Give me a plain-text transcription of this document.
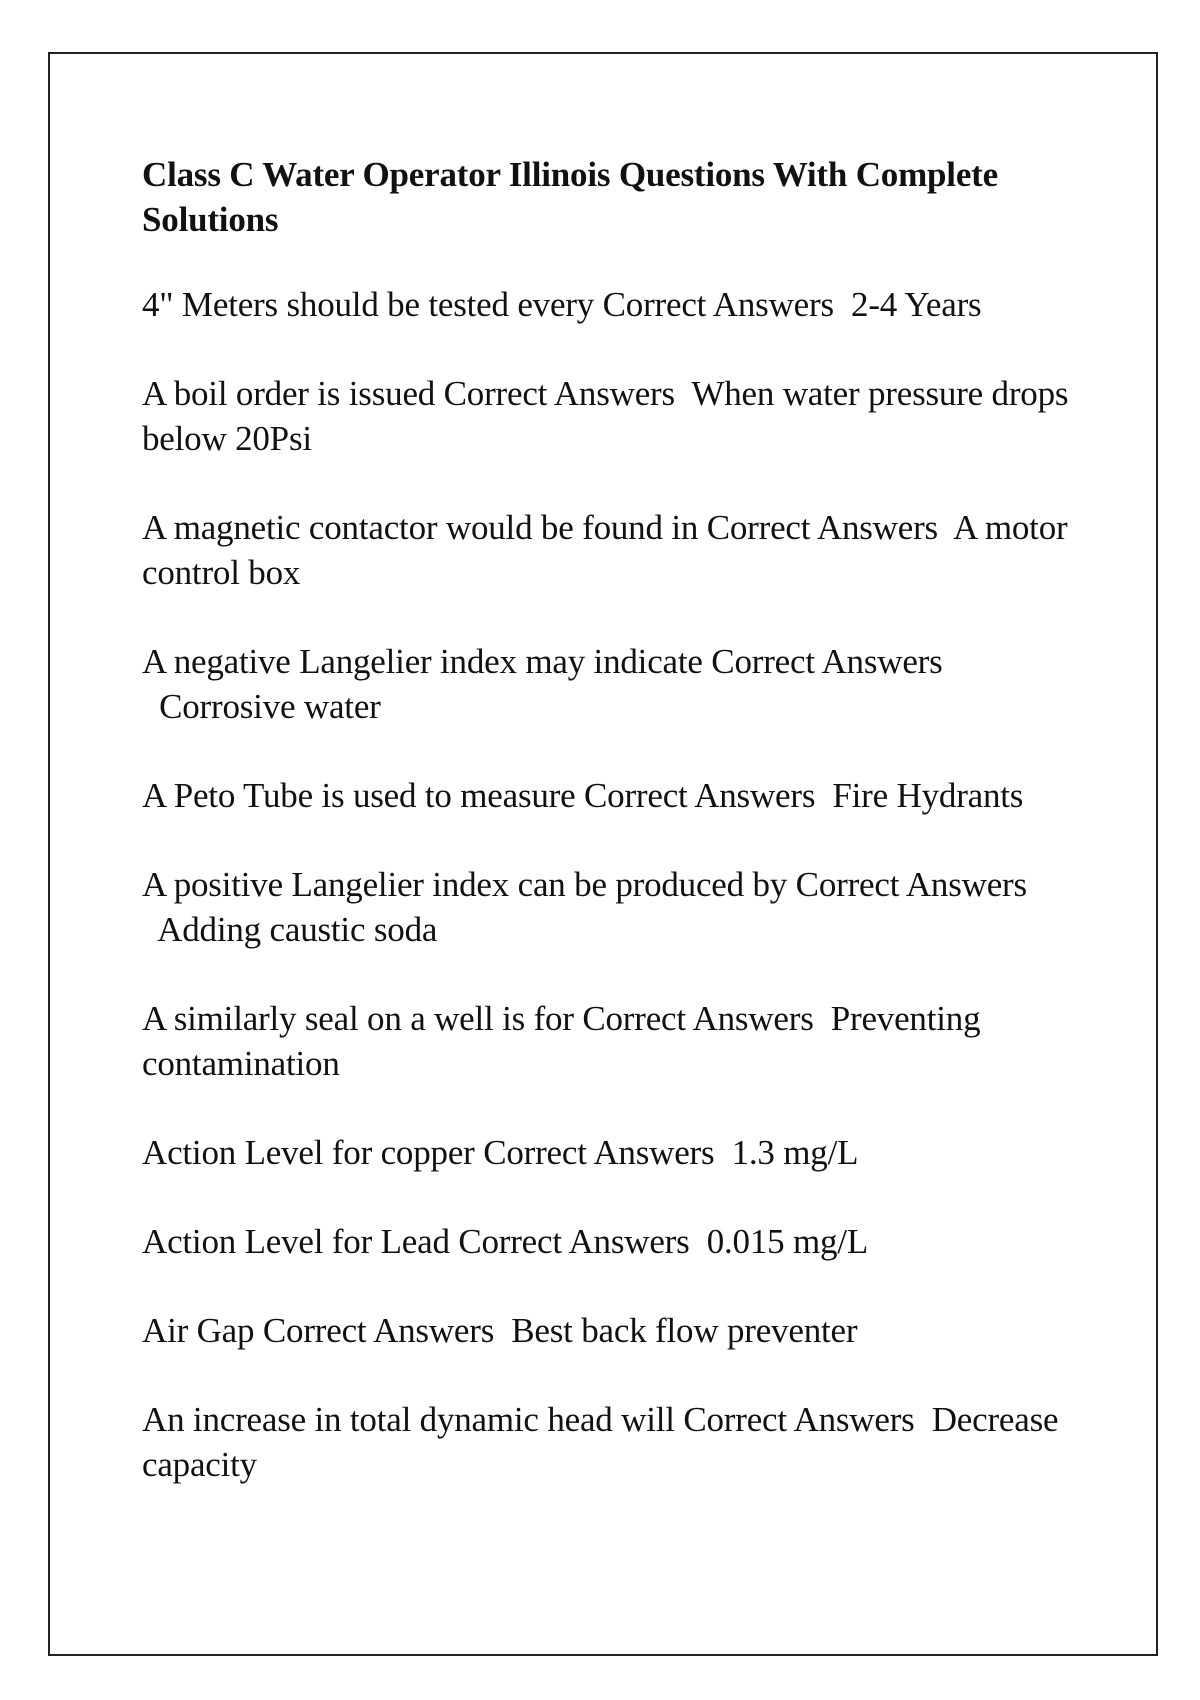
Class C Water Operator Illinois Questions With Complete Solutions
4" Meters should be tested every Correct Answers 2-4 Years
A boil order is issued Correct Answers When water pressure drops below 20Psi
A magnetic contactor would be found in Correct Answers A motor control box
A negative Langelier index may indicate Correct Answers  Corrosive water
A Peto Tube is used to measure Correct Answers Fire Hydrants
A positive Langelier index can be produced by Correct Answers  Adding caustic soda
A similarly seal on a well is for Correct Answers Preventing contamination
Action Level for copper Correct Answers 1.3 mg/L
Action Level for Lead Correct Answers 0.015 mg/L
Air Gap Correct Answers Best back flow preventer
An increase in total dynamic head will Correct Answers Decrease capacity
